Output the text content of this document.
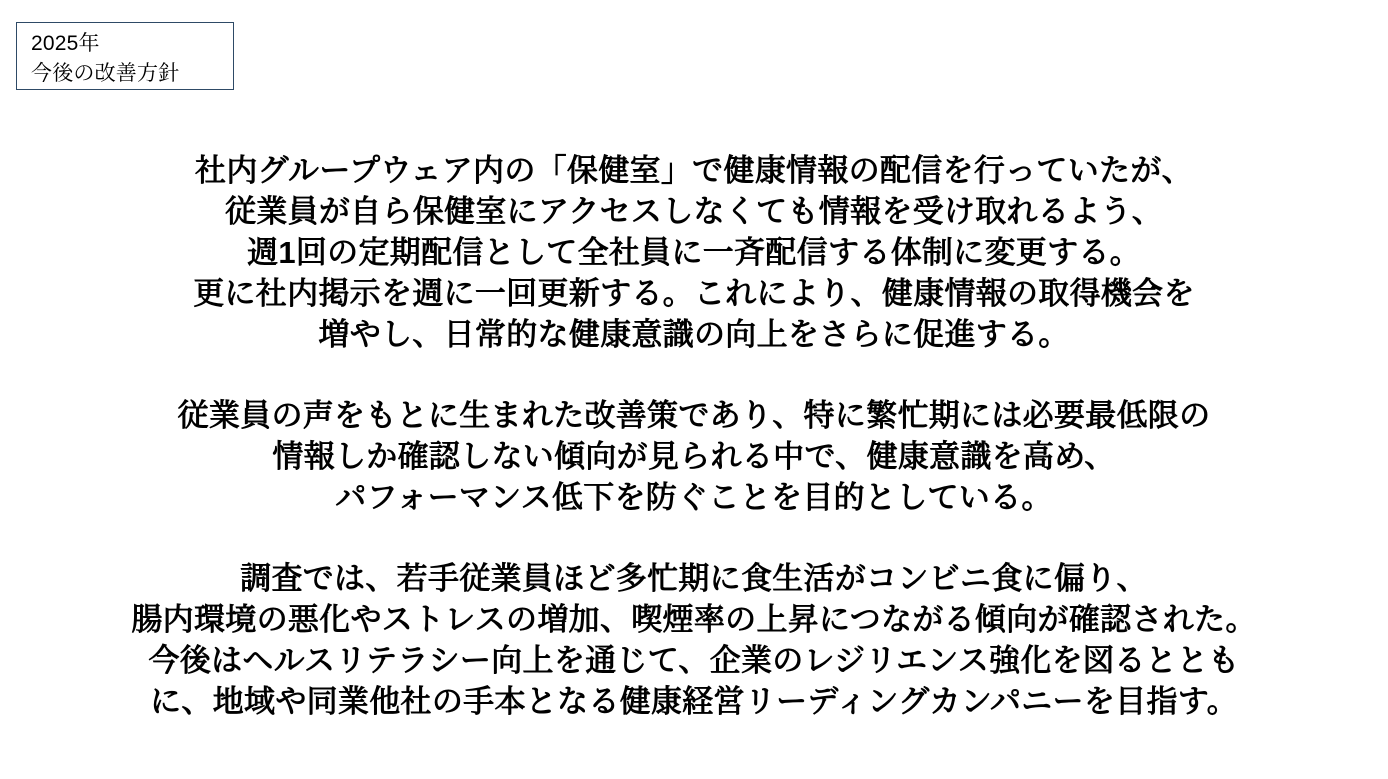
2025年
今後の改善方針
社内グループウェア内の「保健室」で健康情報の配信を行っていたが、
従業員が自ら保健室にアクセスしなくても情報を受け取れるよう、
週1回の定期配信として全社員に一斉配信する体制に変更する。
更に社内掲示を週に一回更新する。これにより、健康情報の取得機会を
増やし、日常的な健康意識の向上をさらに促進する。
従業員の声をもとに生まれた改善策であり、特に繁忙期には必要最低限の
情報しか確認しない傾向が見られる中で、健康意識を高め、
パフォーマンス低下を防ぐことを目的としている。
調査では、若手従業員ほど多忙期に食生活がコンビニ食に偏り、
腸内環境の悪化やストレスの増加、喫煙率の上昇につながる傾向が確認された。
今後はヘルスリテラシー向上を通じて、企業のレジリエンス強化を図るととも
に、地域や同業他社の手本となる健康経営リーディングカンパニーを目指す。
